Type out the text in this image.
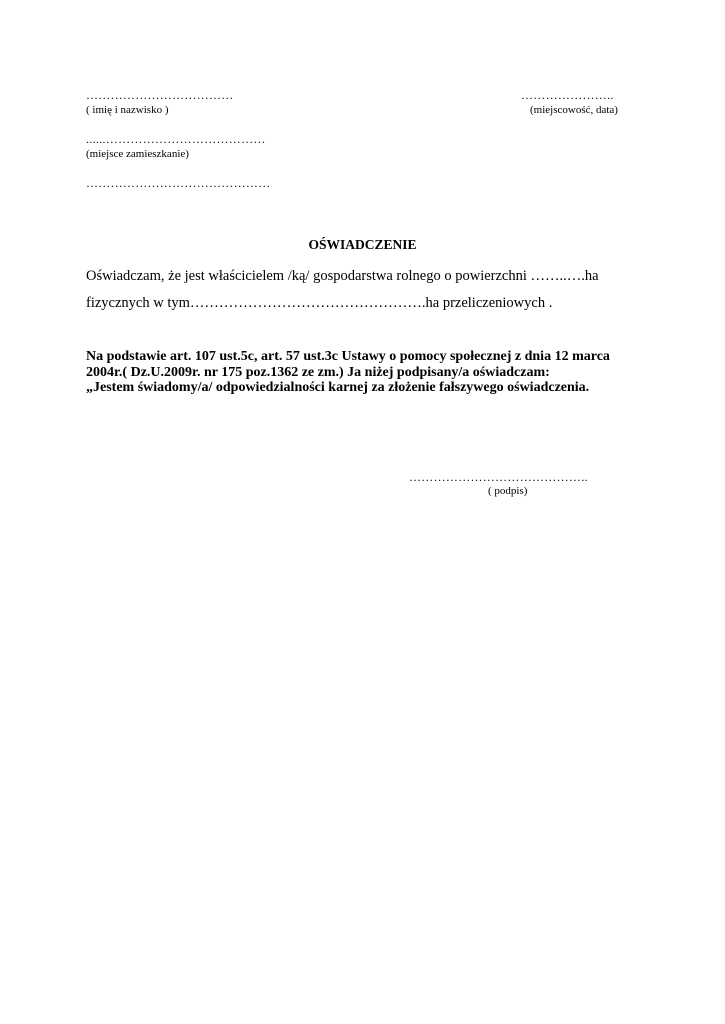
………………………………
( imię i nazwisko )
…………………..
(miejscowość, data)
......…………………………………
(miejsce zamieszkanie)
………………………………………
OŚWIADCZENIE
Oświadczam, że jest właścicielem /ką/ gospodarstwa rolnego o powierzchni ……..….ha
fizycznych w tym………………………………………….ha przeliczeniowych .
Na podstawie art. 107 ust.5c, art. 57 ust.3c Ustawy o pomocy społecznej z dnia 12 marca
2004r.( Dz.U.2009r. nr 175 poz.1362 ze zm.) Ja niżej podpisany/a oświadczam:
„Jestem świadomy/a/ odpowiedzialności karnej za złożenie fałszywego oświadczenia.
……………………………………..
( podpis)
